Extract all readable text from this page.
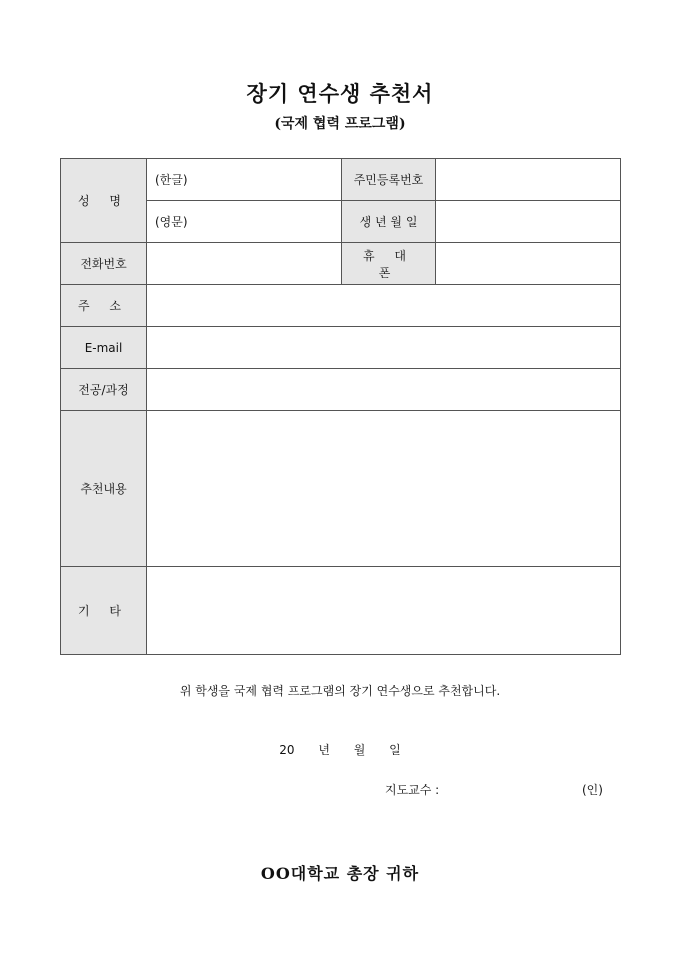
장기 연수생 추천서
(국제 협력 프로그램)
성 명	(한글)	주민등록번호	
	(영문)	생 년 월 일	
전화번호		휴 대 폰	
주 소			
E-mail			
전공/과정			
추천내용			
기 타			
위 학생을 국제 협력 프로그램의 장기 연수생으로 추천합니다.
20 년 월 일
지도교수 :	(인)
OO대학교 총장 귀하
